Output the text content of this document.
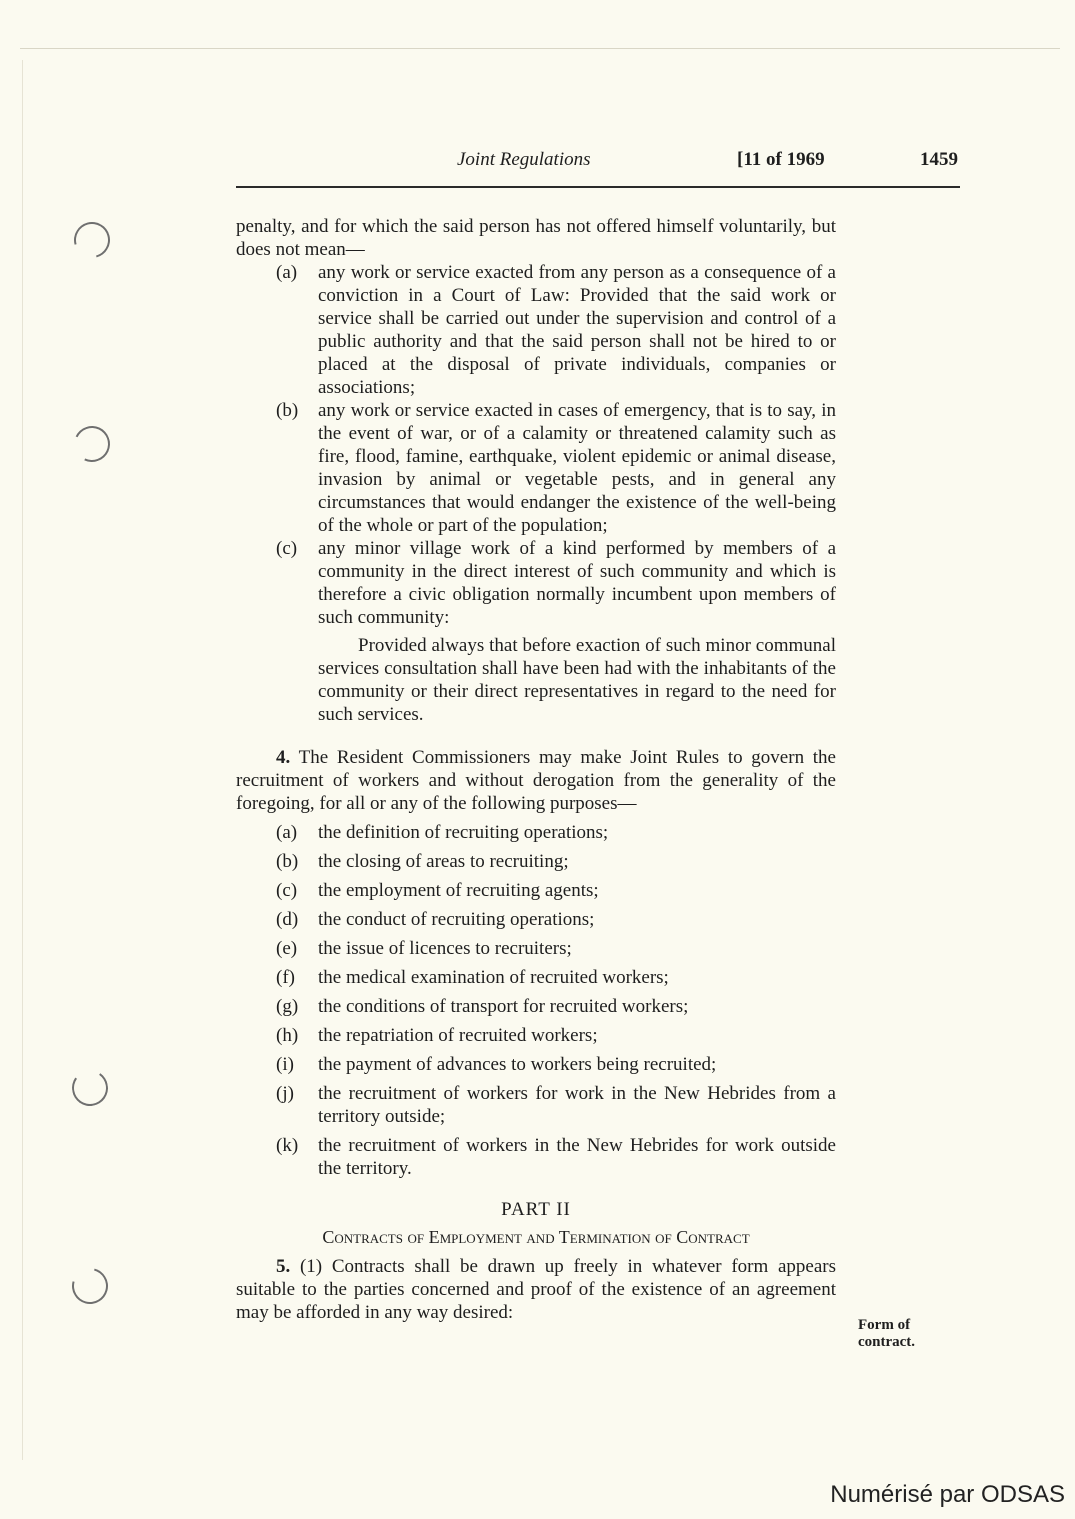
Joint Regulations	[11 of 1969	1459

penalty, and for which the said person has not offered himself voluntarily, but does not mean—

(a)	any work or service exacted from any person as a consequence of a conviction in a Court of Law: Provided that the said work or service shall be carried out under the supervision and control of a public authority and that the said person shall not be hired to or placed at the disposal of private individuals, companies or associations;
(b)	any work or service exacted in cases of emergency, that is to say, in the event of war, or of a calamity or threatened calamity such as fire, flood, famine, earthquake, violent epidemic or animal disease, invasion by animal or vegetable pests, and in general any circumstances that would endanger the existence of the well-being of the whole or part of the population;
(c)	any minor village work of a kind performed by members of a community in the direct interest of such community and which is therefore a civic obligation normally incumbent upon members of such community:

Provided always that before exaction of such minor communal services consultation shall have been had with the inhabitants of the community or their direct representatives in regard to the need for such services.

4. The Resident Commissioners may make Joint Rules to govern the recruitment of workers and without derogation from the generality of the foregoing, for all or any of the following purposes—

(a)	the definition of recruiting operations;
(b)	the closing of areas to recruiting;
(c)	the employment of recruiting agents;
(d)	the conduct of recruiting operations;
(e)	the issue of licences to recruiters;
(f)	the medical examination of recruited workers;
(g)	the conditions of transport for recruited workers;
(h)	the repatriation of recruited workers;
(i)	the payment of advances to workers being recruited;
(j)	the recruitment of workers for work in the New Hebrides from a territory outside;
(k)	the recruitment of workers in the New Hebrides for work outside the territory.

PART II

Contracts of Employment and Termination of Contract

5. (1) Contracts shall be drawn up freely in whatever form appears suitable to the parties concerned and proof of the existence of an agreement may be afforded in any way desired:

Form of
contract.
Numérisé par ODSAS
